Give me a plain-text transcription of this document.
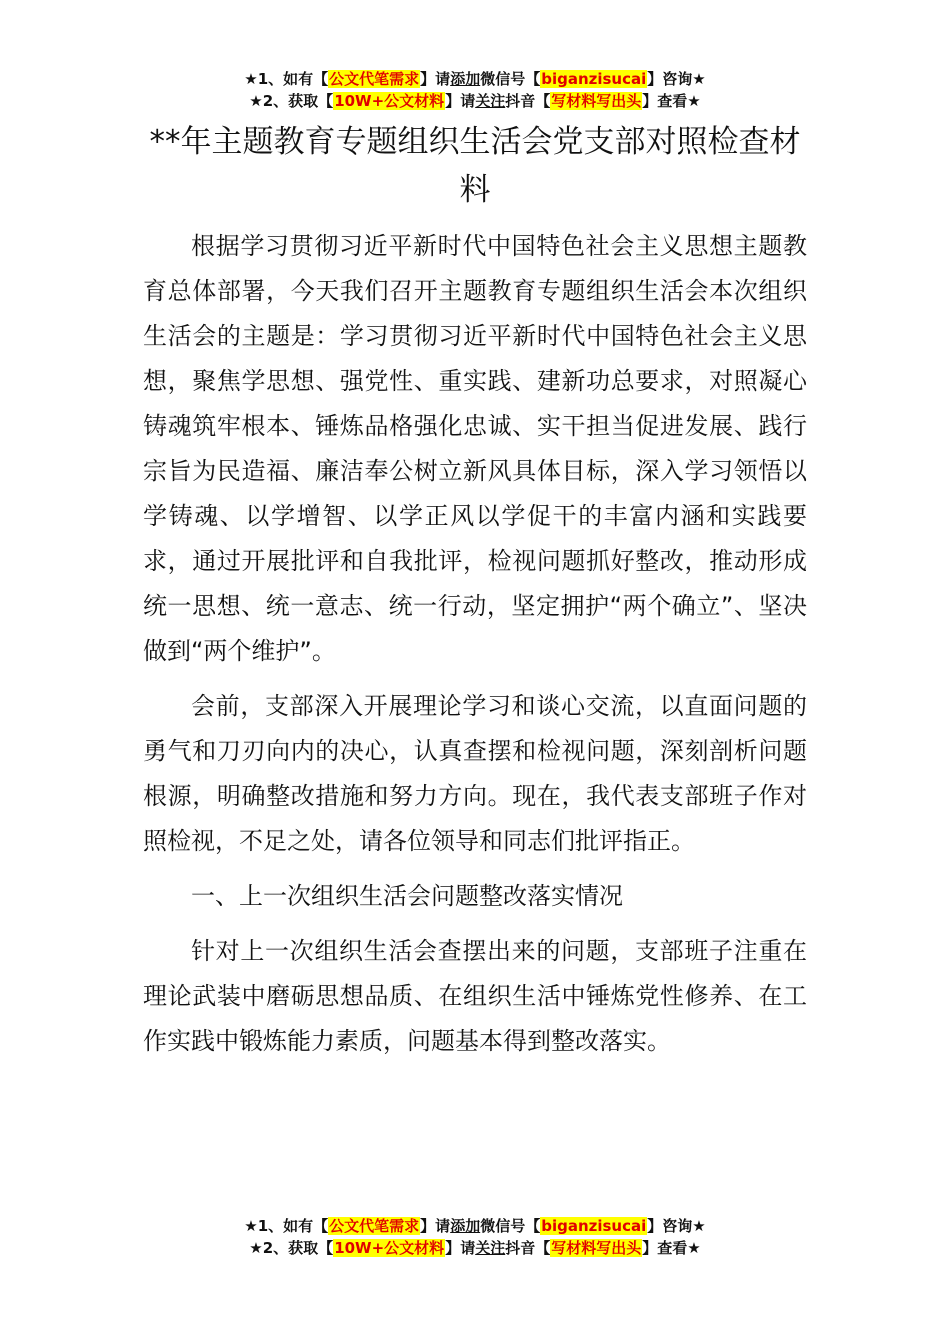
★1、如有【公文代笔需求】请添加微信号【biganzisucai】咨询★
★2、获取【10W+公文材料】请关注抖音【写材料写出头】查看★
**年主题教育专题组织生活会党支部对照检查材料

根据学习贯彻习近平新时代中国特色社会主义思想主题教育总体部署，今天我们召开主题教育专题组织生活会本次组织生活会的主题是：学习贯彻习近平新时代中国特色社会主义思想，聚焦学思想、强党性、重实践、建新功总要求，对照凝心铸魂筑牢根本、锤炼品格强化忠诚、实干担当促进发展、践行宗旨为民造福、廉洁奉公树立新风具体目标，深入学习领悟以学铸魂、以学增智、以学正风以学促干的丰富内涵和实践要求，通过开展批评和自我批评，检视问题抓好整改，推动形成统一思想、统一意志、统一行动，坚定拥护“两个确立”、坚决做到“两个维护”。

会前，支部深入开展理论学习和谈心交流，以直面问题的勇气和刀刃向内的决心，认真查摆和检视问题，深刻剖析问题根源，明确整改措施和努力方向。现在，我代表支部班子作对照检视，不足之处，请各位领导和同志们批评指正。

一、上一次组织生活会问题整改落实情况

针对上一次组织生活会查摆出来的问题，支部班子注重在理论武装中磨砺思想品质、在组织生活中锤炼党性修养、在工作实践中锻炼能力素质，问题基本得到整改落实。

★1、如有【公文代笔需求】请添加微信号【biganzisucai】咨询★
★2、获取【10W+公文材料】请关注抖音【写材料写出头】查看★
